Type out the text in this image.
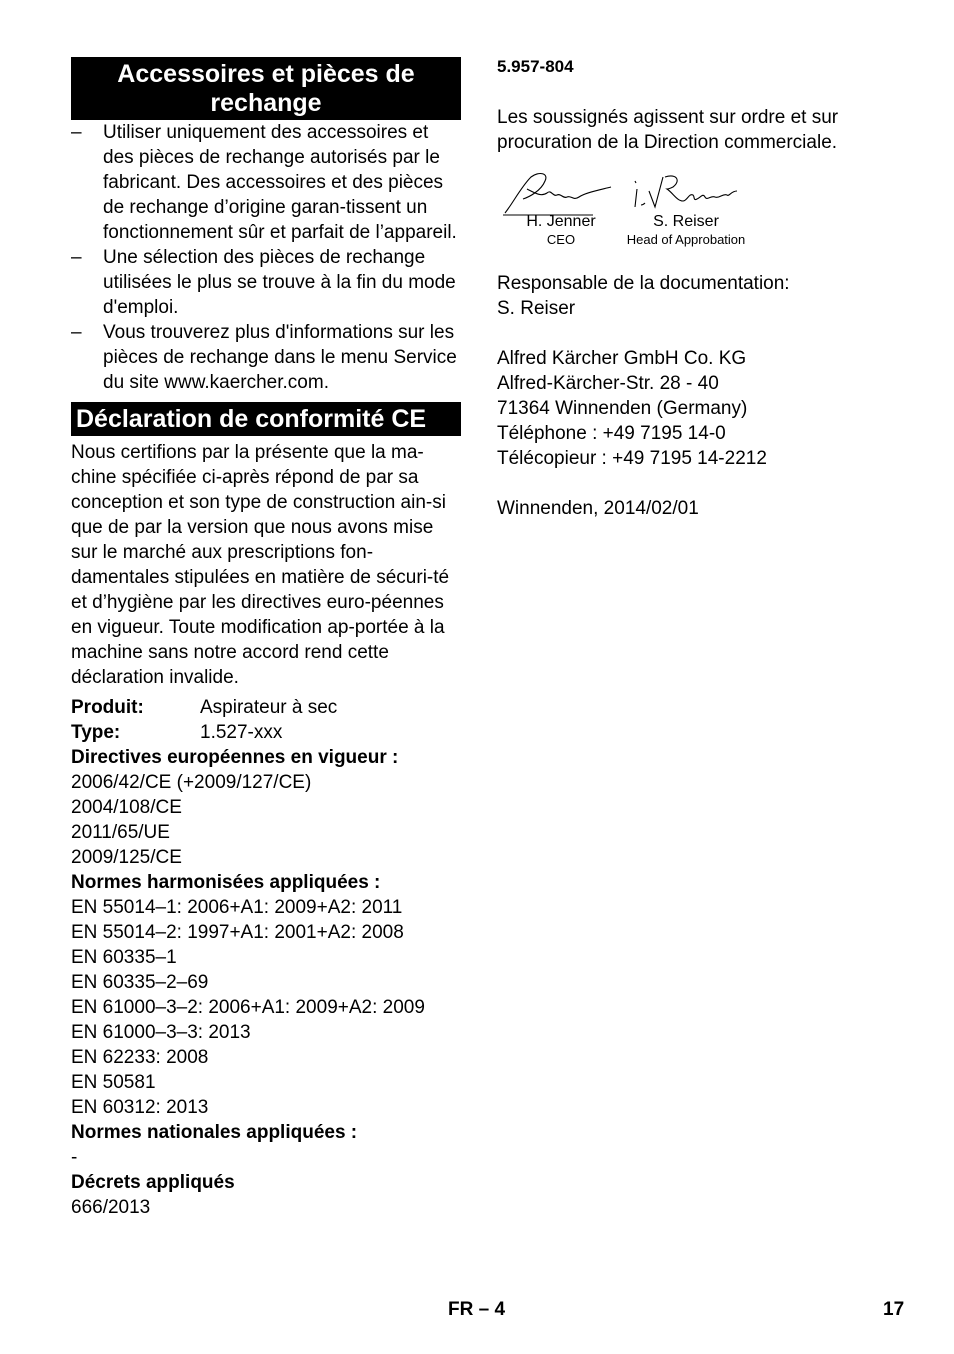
Accessoires et pièces de rechange
– Utiliser uniquement des accessoires et des pièces de rechange autorisés par le fabricant. Des accessoires et des pièces de rechange d’origine garan-tissent un fonctionnement sûr et parfait de l’appareil.
– Une sélection des pièces de rechange utilisées le plus se trouve à la fin du mode d'emploi.
– Vous trouverez plus d'informations sur les pièces de rechange dans le menu Service du site www.kaercher.com.
Déclaration de conformité CE

Nous certifions par la présente que la ma-chine spécifiée ci-après répond de par sa conception et son type de construction ain-si que de par la version que nous avons mise sur le marché aux prescriptions fon-damentales stipulées en matière de sécuri-té et d’hygiène par les directives euro-péennes en vigueur. Toute modification ap-portée à la machine sans notre accord rend cette déclaration invalide.

Produit:	Aspirateur à sec
Type:	1.527-xxx

Directives européennes en vigueur :

2006/42/CE (+2009/127/CE)

2004/108/CE

2011/65/UE

2009/125/CE

Normes harmonisées appliquées :

EN 55014–1: 2006+A1: 2009+A2: 2011

EN 55014–2: 1997+A1: 2001+A2: 2008

EN 60335–1

EN 60335–2–69

EN 61000–3–2: 2006+A1: 2009+A2: 2009

EN 61000–3–3: 2013

EN 62233: 2008

EN 50581

EN 60312: 2013

Normes nationales appliquées :

-

Décrets appliqués

666/2013

5.957-804

Les soussignés agissent sur ordre et sur procuration de la Direction commerciale.

H. Jenner
CEO
S. Reiser
Head of Approbation

Responsable de la documentation:

S. Reiser

Alfred Kärcher GmbH Co. KG

Alfred-Kärcher-Str. 28 - 40

71364 Winnenden (Germany)

Téléphone : +49 7195 14-0

Télécopieur : +49 7195 14-2212

Winnenden, 2014/02/01

FR – 4	17
